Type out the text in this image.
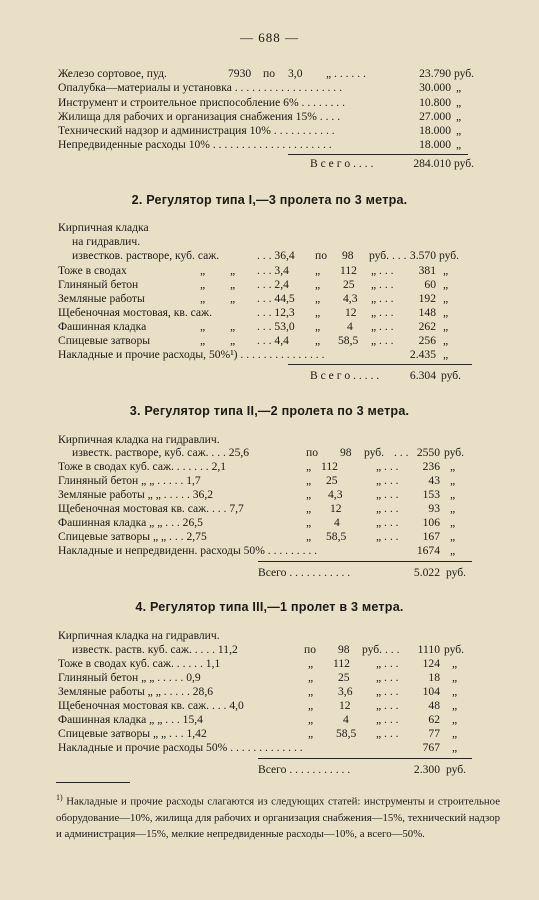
— 688 —
Железо сортовое, пуд.	7930 по 3,0 „ . . . . . .	23.790 руб.
Опалубка—материалы и установка . . . . . . . . . . . . . . . . . . .	30.000 „
Инструмент и строительное приспособление 6% . . . . . . . .	10.800 „
Жилища для рабочих и организация снабжения 15% . . . .	27.000 „
Технический надзор и администрация 10% . . . . . . . . . . .	18.000 „
Непредвиденные расходы 10% . . . . . . . . . . . . . . . . . . . . .	18.000 „
В с е г о . . . .	284.010 руб.
2. Регулятор типа I,—3 пролета по 3 метра.
Кирпичная кладка
на гидравлич.
известков. растворе, куб. саж.	. . . 36,4 по 98 руб. . . . 3.570 руб.
Тоже в сводах	„ „ . . . 3,4 „ 112 „ . . .	381 „
Глиняный бетон	„ „ . . . 2,4 „ 25 „ . . .	60 „
Земляные работы	„ „ . . . 44,5 „ 4,3 „ . . .	192 „
Щебеночная мостовая, кв. саж.	. . . 12,3 „ 12 „ . . .	148 „
Фашинная кладка	„ „ . . . 53,0 „ 4 „ . . .	262 „
Спицевые затворы	„ „ . . . 4,4 „ 58,5 „ . . .	256 „
Накладные и прочие расходы, 50%¹) . . . . . . . . . . . . . . .	2.435 „
В с е г о . . . . .	6.304 руб.
3. Регулятор типа II,—2 пролета по 3 метра.
Кирпичная кладка на гидравлич.
известк. растворе, куб. саж. . . . 25,6	по 98 руб. . . . 2550 руб.
Тоже в сводах куб. саж. . . . . . . 2,1	„ 112	„ . . .	236 „
Глиняный бетон „ „ . . . . . 1,7	„ 25	„ . . .	43 „
Земляные работы „ „ . . . . . 36,2	„ 4,3	„ . . .	153 „
Щебеночная мостовая кв. саж. . . . 7,7	„ 12	„ . . .	93 „
Фашинная кладка „ „ . . . 26,5	„ 4	„ . . .	106 „
Спицевые затворы „ „ . . . 2,75	„ 58,5	„ . . .	167 „
Накладные и непредвиденн. расходы 50% . . . . . . . . .	1674 „
Всего . . . . . . . . . . .	5.022 руб.
4. Регулятор типа III,—1 пролет в 3 метра.
Кирпичная кладка на гидравлич.
известк. раств. куб. саж. . . . . 11,2	по 98 руб. . . .	1110 руб.
Тоже в сводах куб. саж. . . . . . 1,1	„ 112 „ . . .	124 „
Глиняный бетон „ „ . . . . . 0,9	„ 25 „ . . .	18 „
Земляные работы „ „ . . . . . 28,6	„ 3,6 „ . . .	104 „
Щебеночная мостовая кв. саж. . . . 4,0	„ 12 „ . . .	48 „
Фашинная кладка „ „ . . . 15,4	„	4 „ . . .	62 „
Спицевые затворы „ „ . . . 1,42	„ 58,5 „ . . .	77 „
Накладные и прочие расходы 50% . . . . . . . . . . . . .	767 „
Всего . . . . . . . . . . .	2.300 руб.
$^{1)}$ Накладные и прочие расходы слагаются из следующих статей: инструменты и строительное оборудование—10%, жилища для рабочих и организация снабжения—15%, технический надзор и администрация—15%, мелкие непредвиденные расходы—10%, а всего—50%.
